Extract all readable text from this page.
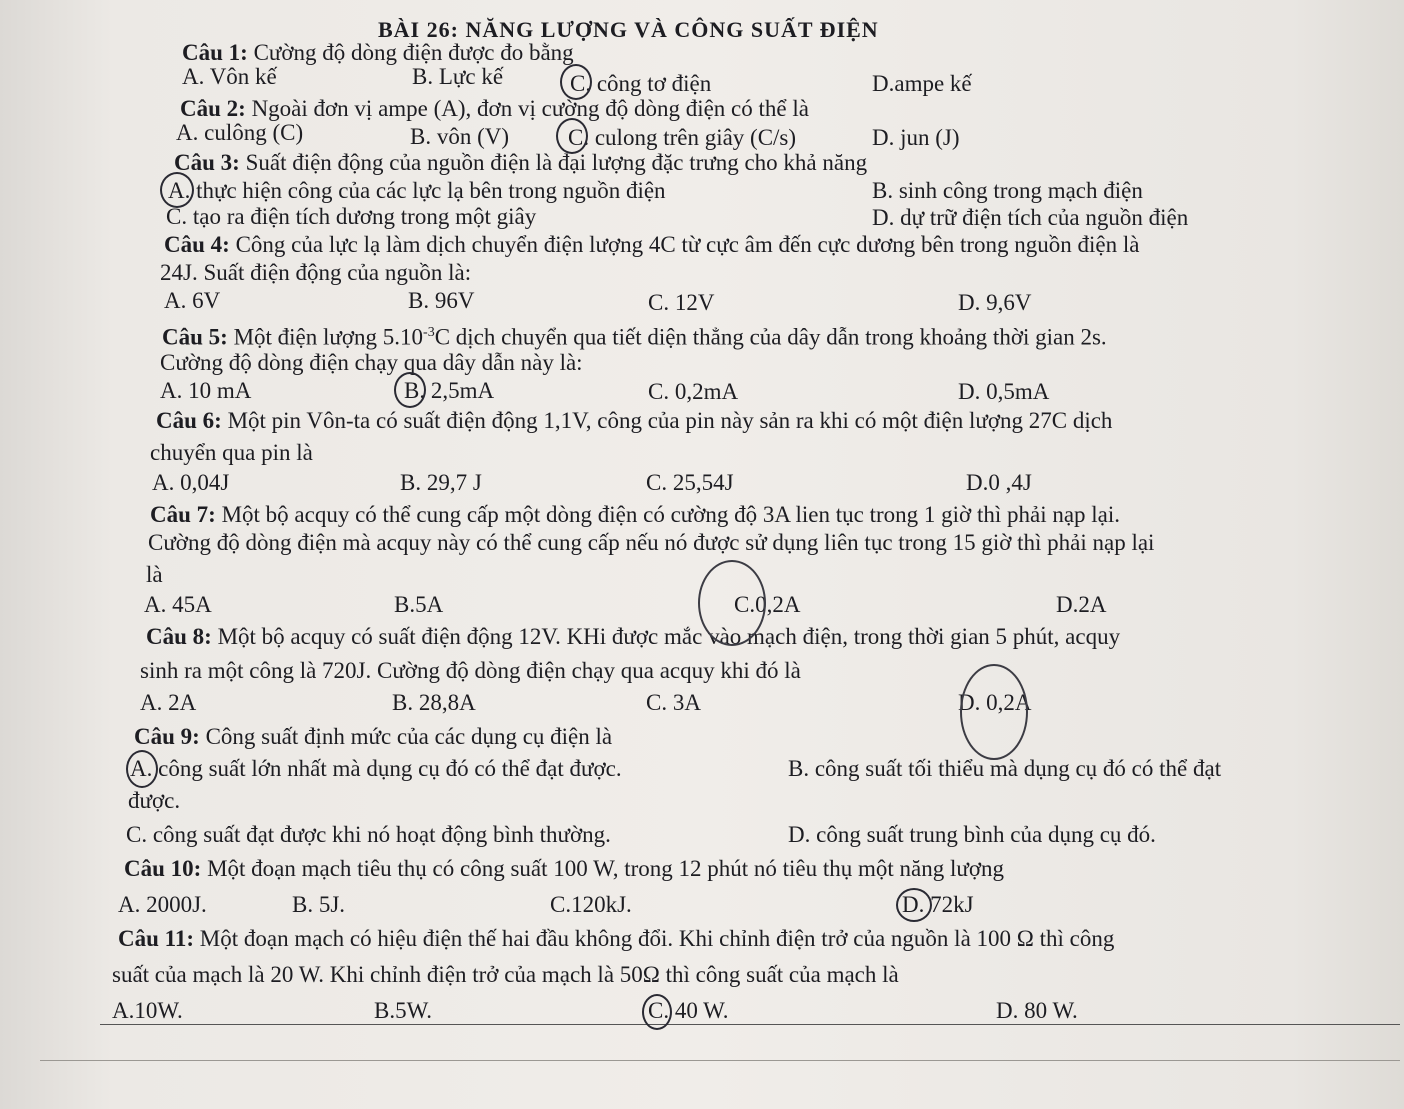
BÀI 26: NĂNG LƯỢNG VÀ CÔNG SUẤT ĐIỆN
Câu 1: Cường độ dòng điện được đo bằng
A. Vôn kế	B. Lực kế	C. công tơ điện	D.ampe kế
Câu 2: Ngoài đơn vị ampe (A), đơn vị cường độ dòng điện có thể là
A. culông (C)	B. vôn (V)	C. culong trên giây (C/s)	D. jun (J)
Câu 3: Suất điện động của nguồn điện là đại lượng đặc trưng cho khả năng
A. thực hiện công của các lực lạ bên trong nguồn điện	B. sinh công trong mạch điện
C. tạo ra điện tích dương trong một giây	D. dự trữ điện tích của nguồn điện
Câu 4: Công của lực lạ làm dịch chuyển điện lượng 4C từ cực âm đến cực dương bên trong nguồn điện là
24J. Suất điện động của nguồn là:
A. 6V	B. 96V	C. 12V	D. 9,6V
Câu 5: Một điện lượng $5.10^{-3}C$ dịch chuyển qua tiết diện thẳng của dây dẫn trong khoảng thời gian 2s.
Cường độ dòng điện chạy qua dây dẫn này là:
A. 10 mA	B. 2,5mA	C. 0,2mA	D. 0,5mA
Câu 6: Một pin Vôn-ta có suất điện động 1,1V, công của pin này sản ra khi có một điện lượng 27C dịch
chuyển qua pin là
A. 0,04J	B. 29,7 J	C. 25,54J	D.0 ,4J
Câu 7: Một bộ acquy có thể cung cấp một dòng điện có cường độ 3A lien tục trong 1 giờ thì phải nạp lại.
Cường độ dòng điện mà acquy này có thể cung cấp nếu nó được sử dụng liên tục trong 15 giờ thì phải nạp lại
là
A. 45A	B.5A	C.0,2A	D.2A
Câu 8: Một bộ acquy có suất điện động 12V. KHi được mắc vào mạch điện, trong thời gian 5 phút, acquy
sinh ra một công là 720J. Cường độ dòng điện chạy qua acquy khi đó là
A. 2A	B. 28,8A	C. 3A	D. 0,2A
Câu 9: Công suất định mức của các dụng cụ điện là
A. công suất lớn nhất mà dụng cụ đó có thể đạt được.	B. công suất tối thiểu mà dụng cụ đó có thể đạt
được.
C. công suất đạt được khi nó hoạt động bình thường.	D. công suất trung bình của dụng cụ đó.
Câu 10: Một đoạn mạch tiêu thụ có công suất 100 W, trong 12 phút nó tiêu thụ một năng lượng
A. 2000J.	B. 5J.	C.120kJ.	D. 72kJ
Câu 11: Một đoạn mạch có hiệu điện thế hai đầu không đổi. Khi chỉnh điện trở của nguồn là 100 Ω thì công
suất của mạch là 20 W. Khi chỉnh điện trở của mạch là 50Ω thì công suất của mạch là
A.10W.	B.5W.	C. 40 W.	D. 80 W.
